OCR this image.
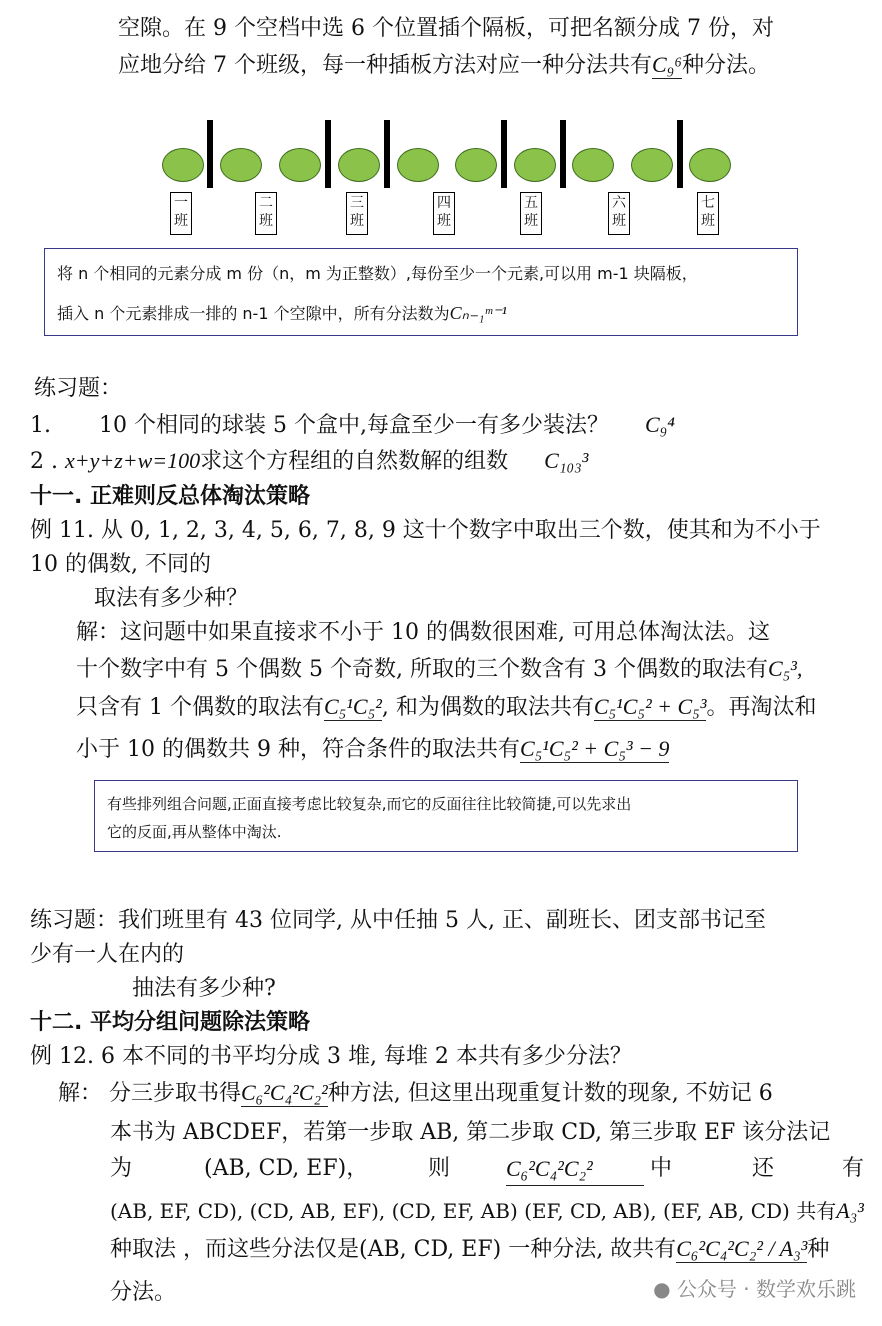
空隙。在 9 个空档中选 6 个位置插个隔板，可把名额分成 7 份，对
应地分给 7 个班级，每一种插板方法对应一种分法共有C₉⁶种分法。
一班
二班
三班
四班
五班
六班
七班
将 n 个相同的元素分成 m 份（n，m 为正整数）,每份至少一个元素,可以用 m-1 块隔板，
插入 n 个元素排成一排的 n-1 个空隙中，所有分法数为Cₙ₋₁ᵐ⁻¹
练习题：
1. 10 个相同的球装 5 个盒中,每盒至少一有多少装法？ C₉⁴
2 . x+y+z+w=100求这个方程组的自然数解的组数 C₁₀₃³
十一. 正难则反总体淘汰策略
例 11. 从 0, 1, 2, 3, 4, 5, 6, 7, 8, 9 这十个数字中取出三个数，使其和为不小于
10 的偶数, 不同的
取法有多少种？
解：这问题中如果直接求不小于 10 的偶数很困难, 可用总体淘汰法。这
十个数字中有 5 个偶数 5 个奇数, 所取的三个数含有 3 个偶数的取法有C₅³,
只含有 1 个偶数的取法有C₅¹C₅², 和为偶数的取法共有C₅¹C₅² + C₅³。再淘汰和
小于 10 的偶数共 9 种，符合条件的取法共有C₅¹C₅² + C₅³ − 9
有些排列组合问题,正面直接考虑比较复杂,而它的反面往往比较简捷,可以先求出
它的反面,再从整体中淘汰.
练习题：我们班里有 43 位同学, 从中任抽 5 人, 正、副班长、团支部书记至
少有一人在内的
抽法有多少种?
十二. 平均分组问题除法策略
例 12. 6 本不同的书平均分成 3 堆, 每堆 2 本共有多少分法？
解： 分三步取书得C₆²C₄²C₂²种方法, 但这里出现重复计数的现象, 不妨记 6
本书为 ABCDEF，若第一步取 AB, 第二步取 CD, 第三步取 EF 该分法记
为	(AB, CD, EF)，	则	C₆²C₄²C₂²	中	还	有
(AB, EF, CD), (CD, AB, EF), (CD, EF, AB) (EF, CD, AB), (EF, AB, CD) 共有A₃³
种取法 ，而这些分法仅是(AB, CD, EF) 一种分法, 故共有C₆²C₄²C₂² / A₃³种
分法。	● 公众号 · 数学欢乐跳
